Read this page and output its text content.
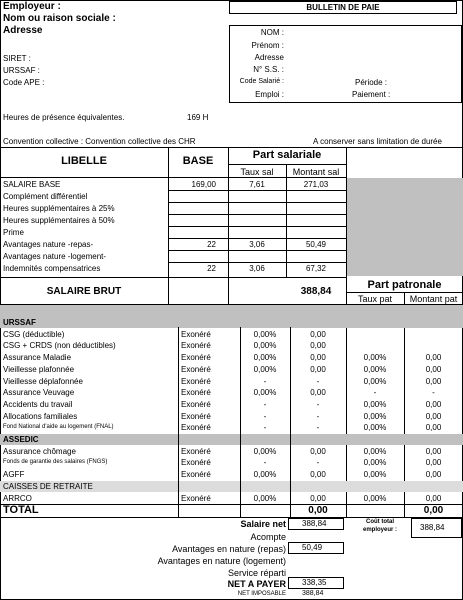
Employeur :
Nom ou raison sociale :
Adresse
SIRET :
URSSAF :
Code APE :
BULLETIN DE PAIE
NOM :
Prénom :
Adresse
N° S.S. :
Code Salarié :
Emploi :
Période :
Paiement :
Heures de présence équivalentes.	169 H
Convention collective : Convention collective des CHR	A conserver sans limitation de durée
LIBELLE	BASE	Part salariale
Taux sal	Montant sal
SALAIRE BASE	169,00	7,61	271,03
Complément différentiel
Heures supplémentaires à 25%
Heures supplémentaires à 50%
Prime
Avantages nature -repas-	22	3,06	50,49
Avantages nature -logement-
Indemnités compensatrices	22	3,06	67,32
SALAIRE BRUT	388,84
Part patronale
Taux pat	Montant pat
URSSAF
CSG (déductible)	Exonéré	0,00%	0,00
CSG + CRDS (non déductibles)	Exonéré	0,00%	0,00
Assurance Maladie	Exonéré	0,00%	0,00	0,00%	0,00
Vieillesse plafonnée	Exonéré	0,00%	0,00	0,00%	0,00
Vieillesse déplafonnée	Exonéré	-	-	0,00%	0,00
Assurance Veuvage	Exonéré	0,00%	0,00	-	-
Accidents du travail	Exonéré	-	-	0,00%	0,00
Allocations familiales	Exonéré	-	-	0,00%	0,00
Fond National d'aide au logement (FNAL)	Exonéré	-	-	0,00%	0,00
ASSEDIC
Assurance chômage	Exonéré	0,00%	0,00	0,00%	0,00
Fonds de garantie des salaires (FNGS)	Exonéré	-	-	0,00%	0,00
AGFF	Exonéré	0,00%	0,00	0,00%	0,00
CAISSES DE RETRAITE
ARRCO	Exonéré	0,00%	0,00	0,00%	0,00
TOTAL	0,00	0,00
Salaire net 388,84
Acompte
Avantages en nature (repas) 50,49
Avantages en nature (logement)
Service réparti
NET A PAYER 338,35
NET IMPOSABLE 388,84
Coût total
employeur :	388,84
